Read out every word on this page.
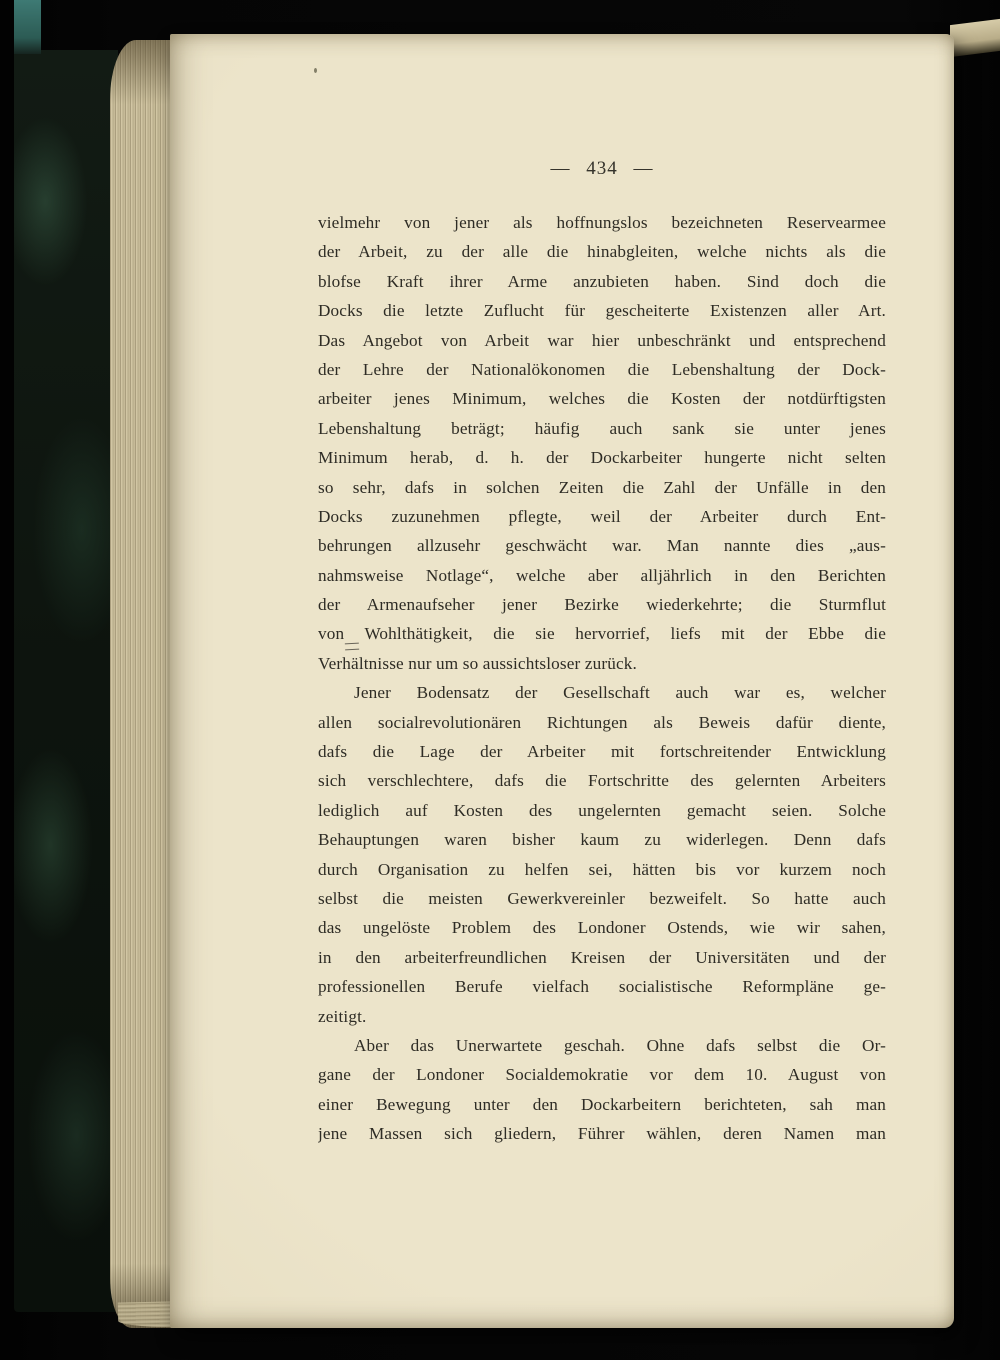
— 434 —
vielmehr von jener als hoffnungslos bezeichneten Reservearmee
der Arbeit, zu der alle die hinabgleiten, welche nichts als die
blofse Kraft ihrer Arme anzubieten haben. Sind doch die
Docks die letzte Zuflucht für gescheiterte Existenzen aller Art.
Das Angebot von Arbeit war hier unbeschränkt und entsprechend
der Lehre der Nationalökonomen die Lebenshaltung der Dock-
arbeiter jenes Minimum, welches die Kosten der notdürftigsten
Lebenshaltung beträgt; häufig auch sank sie unter jenes
Minimum herab, d. h. der Dockarbeiter hungerte nicht selten
so sehr, dafs in solchen Zeiten die Zahl der Unfälle in den
Docks zuzunehmen pflegte, weil der Arbeiter durch Ent-
behrungen allzusehr geschwächt war. Man nannte dies „aus-
nahmsweise Notlage“, welche aber alljährlich in den Berichten
der Armenaufseher jener Bezirke wiederkehrte; die Sturmflut
von Wohlthätigkeit, die sie hervorrief, liefs mit der Ebbe die
Verhältnisse nur um so aussichtsloser zurück.
Jener Bodensatz der Gesellschaft auch war es, welcher
allen socialrevolutionären Richtungen als Beweis dafür diente,
dafs die Lage der Arbeiter mit fortschreitender Entwicklung
sich verschlechtere, dafs die Fortschritte des gelernten Arbeiters
lediglich auf Kosten des ungelernten gemacht seien. Solche
Behauptungen waren bisher kaum zu widerlegen. Denn dafs
durch Organisation zu helfen sei, hätten bis vor kurzem noch
selbst die meisten Gewerkvereinler bezweifelt. So hatte auch
das ungelöste Problem des Londoner Ostends, wie wir sahen,
in den arbeiterfreundlichen Kreisen der Universitäten und der
professionellen Berufe vielfach socialistische Reformpläne ge-
zeitigt.
Aber das Unerwartete geschah. Ohne dafs selbst die Or-
gane der Londoner Socialdemokratie vor dem 10. August von
einer Bewegung unter den Dockarbeitern berichteten, sah man
jene Massen sich gliedern, Führer wählen, deren Namen man
